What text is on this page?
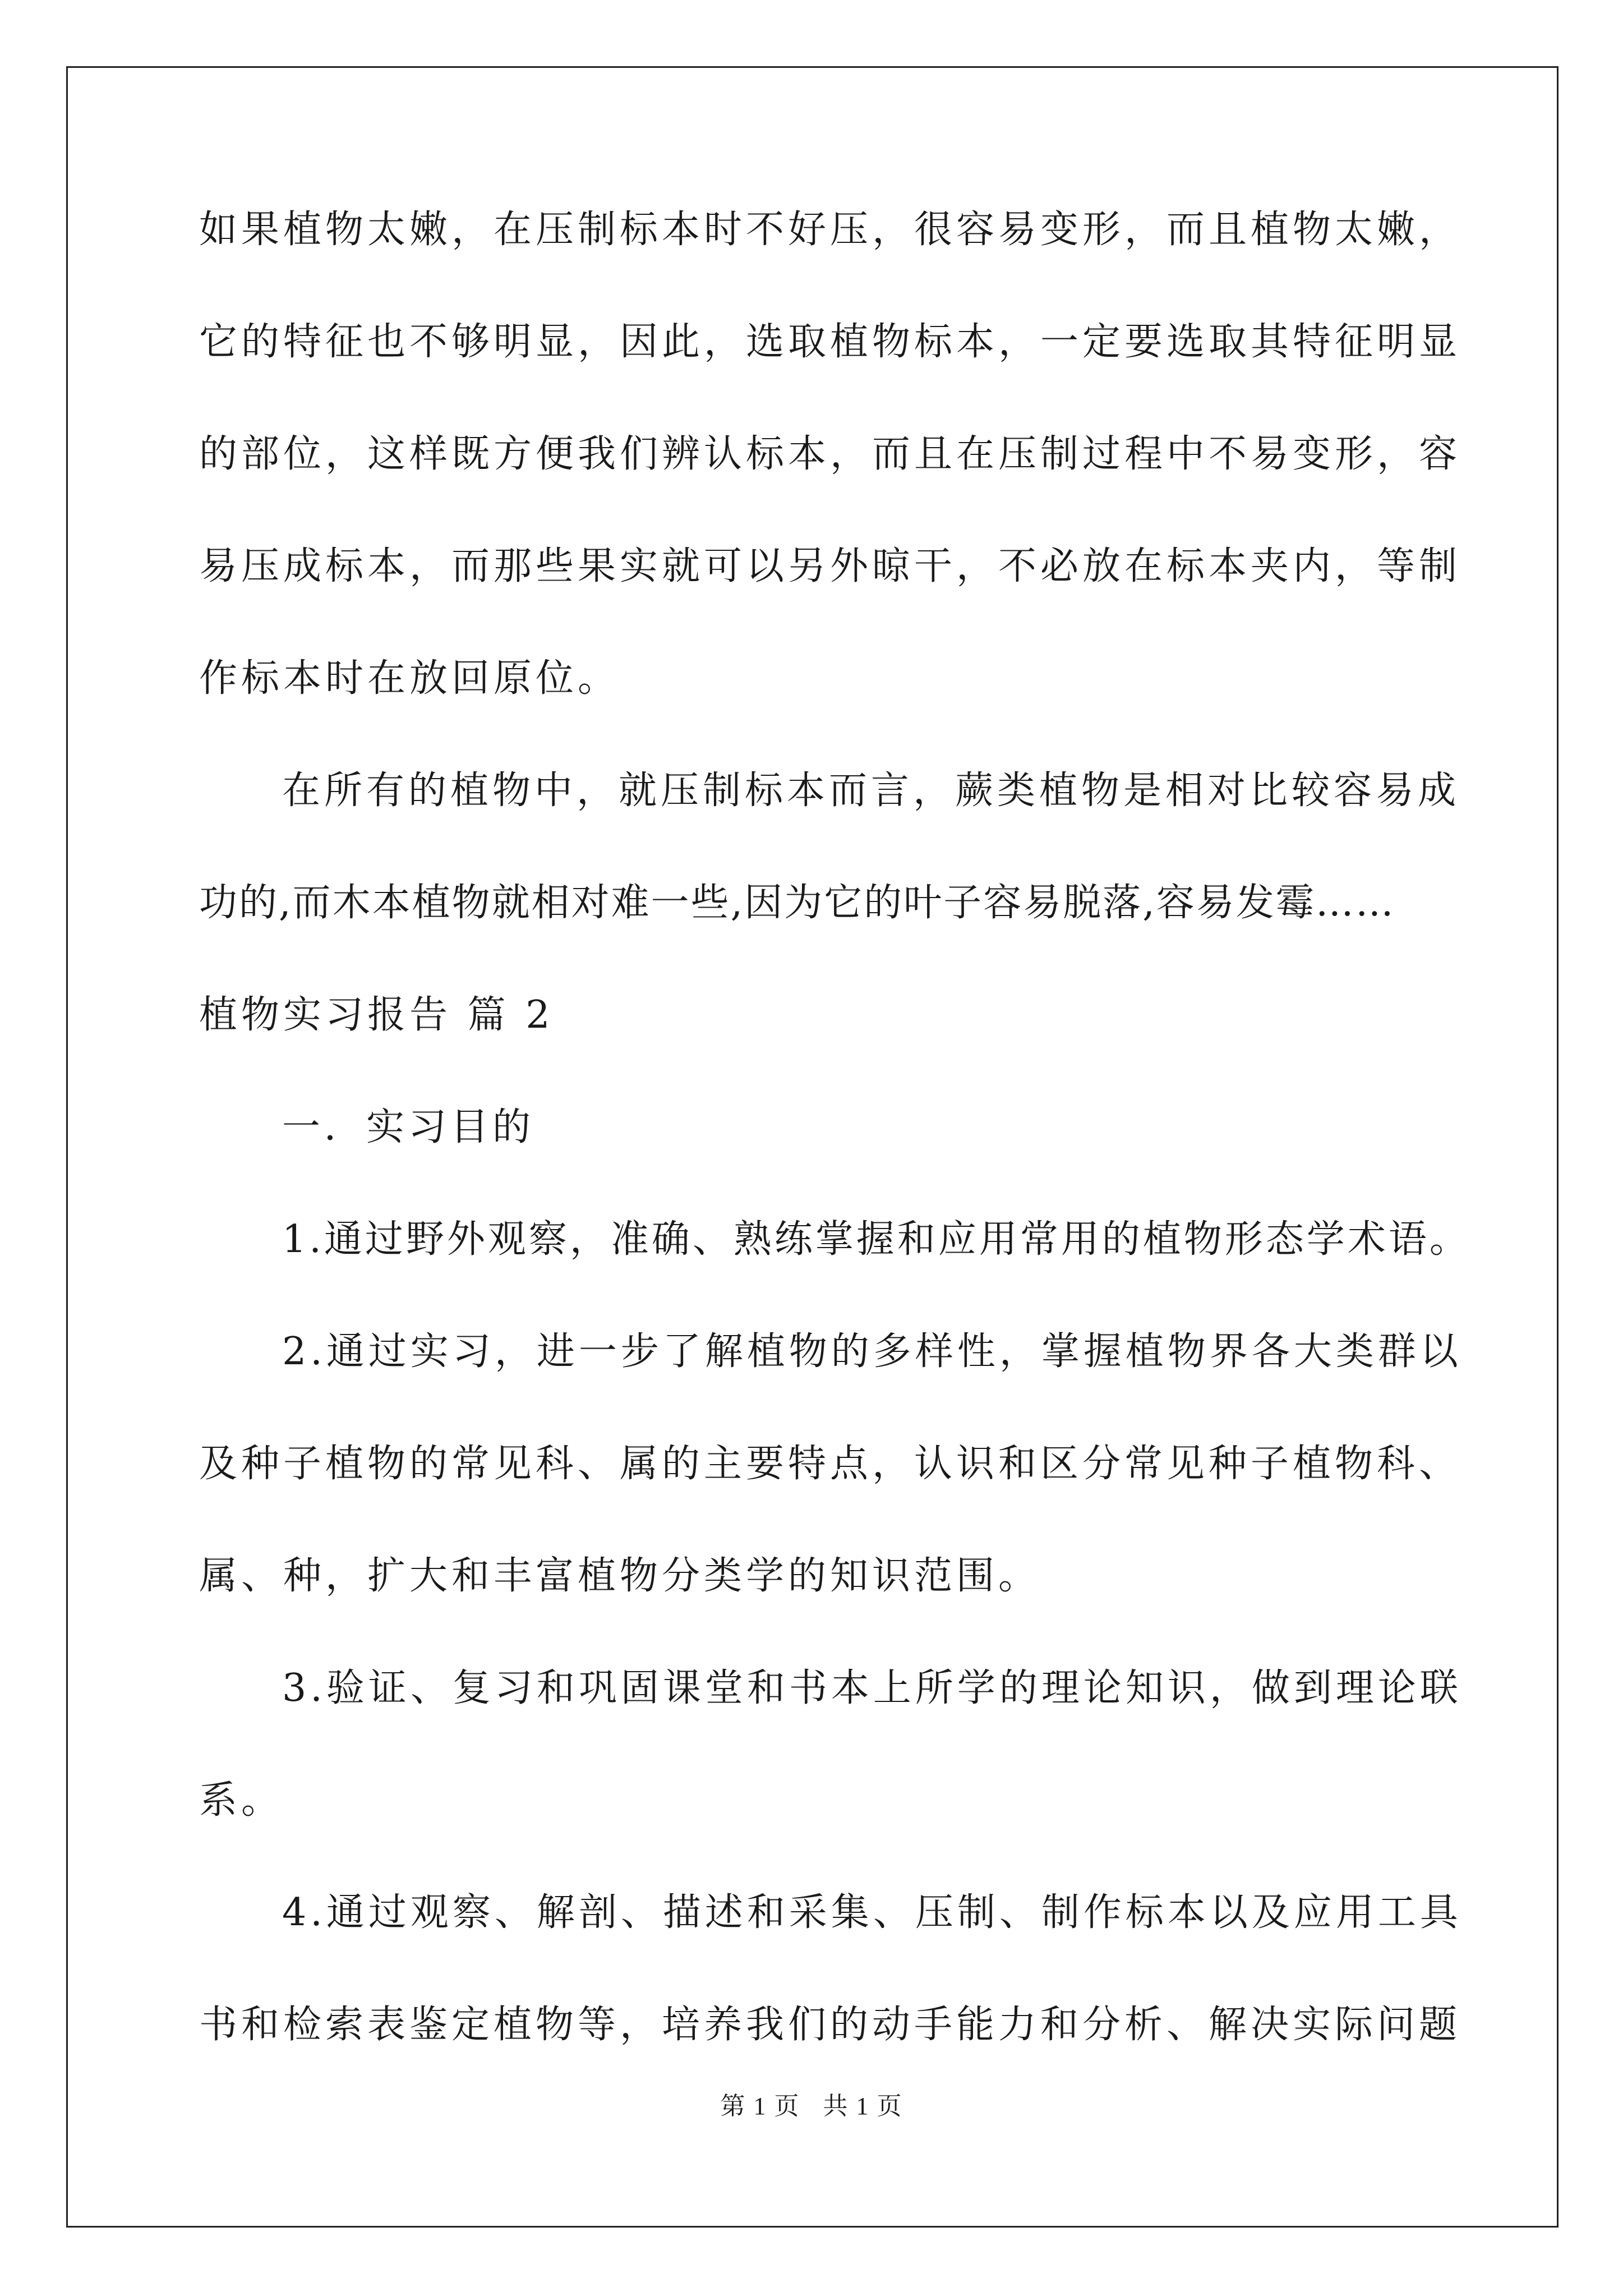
如果植物太嫩，在压制标本时不好压，很容易变形，而且植物太嫩，
它的特征也不够明显，因此，选取植物标本，一定要选取其特征明显
的部位，这样既方便我们辨认标本，而且在压制过程中不易变形，容
易压成标本，而那些果实就可以另外晾干，不必放在标本夹内，等制
作标本时在放回原位。
在所有的植物中，就压制标本而言，蕨类植物是相对比较容易成
功的,而木本植物就相对难一些,因为它的叶子容易脱落,容易发霉……
植物实习报告 篇 2
一．实习目的
1.通过野外观察，准确、熟练掌握和应用常用的植物形态学术语。
2.通过实习，进一步了解植物的多样性，掌握植物界各大类群以
及种子植物的常见科、属的主要特点，认识和区分常见种子植物科、
属、种，扩大和丰富植物分类学的知识范围。
3.验证、复习和巩固课堂和书本上所学的理论知识，做到理论联
系。
4.通过观察、解剖、描述和采集、压制、制作标本以及应用工具
书和检索表鉴定植物等，培养我们的动手能力和分析、解决实际问题
第 1 页 共 1 页
